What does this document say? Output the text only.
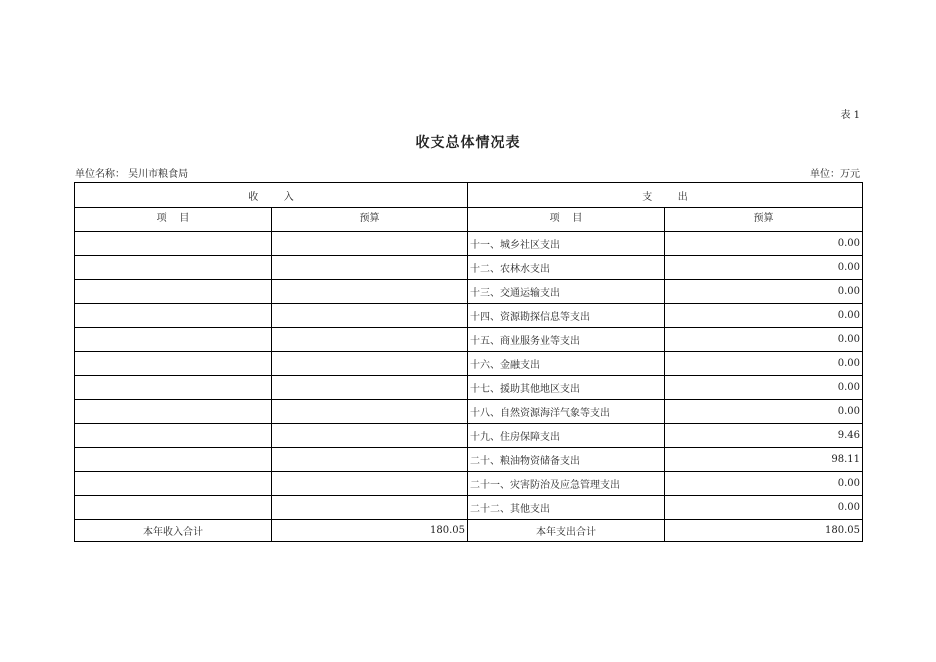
表 1
收支总体情况表
单位名称： 吴川市粮食局	单位：万元
收        入		支        出	
项    目	预算	项    目	预算
		十一、城乡社区支出	0.00
		十二、农林水支出	0.00
		十三、交通运输支出	0.00
		十四、资源勘探信息等支出	0.00
		十五、商业服务业等支出	0.00
		十六、金融支出	0.00
		十七、援助其他地区支出	0.00
		十八、自然资源海洋气象等支出	0.00
		十九、住房保障支出	9.46
		二十、粮油物资储备支出	98.11
		二十一、灾害防治及应急管理支出	0.00
		二十二、其他支出	0.00
本年收入合计	180.05	本年支出合计	180.05
